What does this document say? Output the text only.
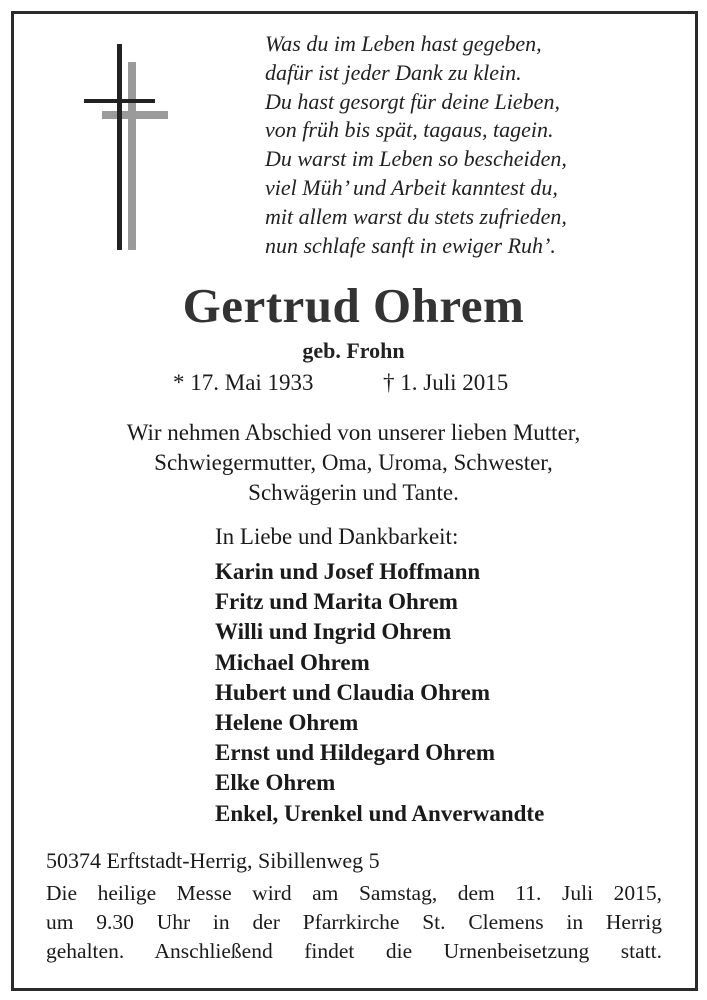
Was du im Leben hast gegeben,
dafür ist jeder Dank zu klein.
Du hast gesorgt für deine Lieben,
von früh bis spät, tagaus, tagein.
Du warst im Leben so bescheiden,
viel Müh’ und Arbeit kanntest du,
mit allem warst du stets zufrieden,
nun schlafe sanft in ewiger Ruh’.
Gertrud Ohrem
geb. Frohn
* 17. Mai 1933	† 1. Juli 2015
Wir nehmen Abschied von unserer lieben Mutter,
Schwiegermutter, Oma, Uroma, Schwester,
Schwägerin und Tante.
In Liebe und Dankbarkeit:
Karin und Josef Hoffmann
Fritz und Marita Ohrem
Willi und Ingrid Ohrem
Michael Ohrem
Hubert und Claudia Ohrem
Helene Ohrem
Ernst und Hildegard Ohrem
Elke Ohrem
Enkel, Urenkel und Anverwandte
50374 Erftstadt-Herrig, Sibillenweg 5
Die heilige Messe wird am Samstag, dem 11. Juli 2015,
um 9.30 Uhr in der Pfarrkirche St. Clemens in Herrig
gehalten. Anschließend findet die Urnenbeisetzung statt.
